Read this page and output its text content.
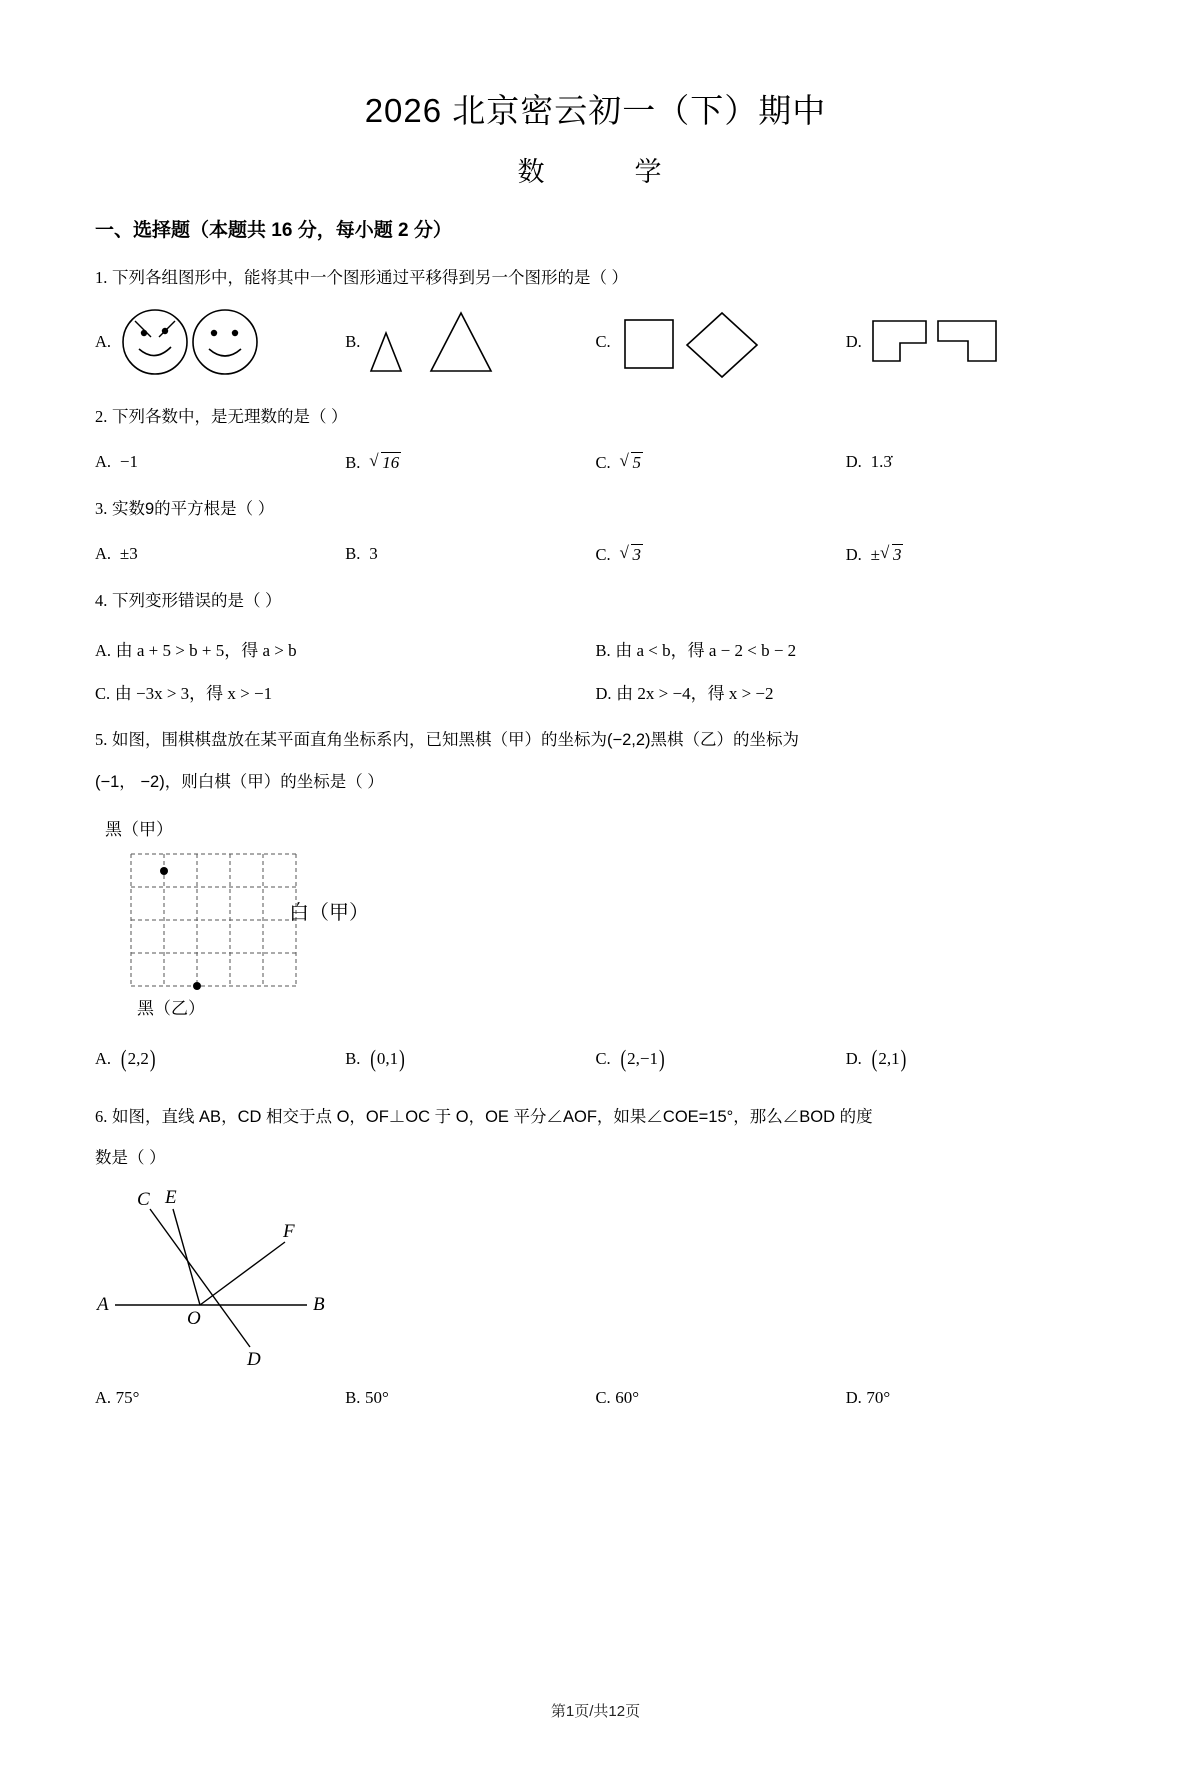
2026 北京密云初一（下）期中
数　　学
一、选择题（本题共 16 分，每小题 2 分）
1. 下列各组图形中，能将其中一个图形通过平移得到另一个图形的是（ ）
A.	B.	C.	D.
2. 下列各数中，是无理数的是（ ）
A.  −1	B. √ 16	C. √ 5	D.  1.3̇
3. 实数9的平方根是（ ）
A.  ±3	B.  3	C. √ 3	D.  ± √ 3
4. 下列变形错误的是（ ）
A. 由 a + 5 > b + 5，得 a > b	B. 由 a < b，得 a − 2 < b − 2
C. 由 −3x > 3，得 x > −1	D. 由 2x > −4，得 x > −2
5. 如图，围棋棋盘放在某平面直角坐标系内，已知黑棋（甲）的坐标为(−2,2)黑棋（乙）的坐标为
(−1， −2)，则白棋（甲）的坐标是（ ）
黑（甲）
白（甲）
黑（乙）
A. (2,2)	B. (0,1)	C. (2,−1)	D. (2,1)
6. 如图，直线 AB，CD 相交于点 O，OF⊥OC 于 O，OE 平分∠AOF，如果∠COE=15°，那么∠BOD 的度
数是（ ）
C E
F
A	B
O
D
A. 75°	B. 50°	C. 60°	D. 70°
第1页/共12页
